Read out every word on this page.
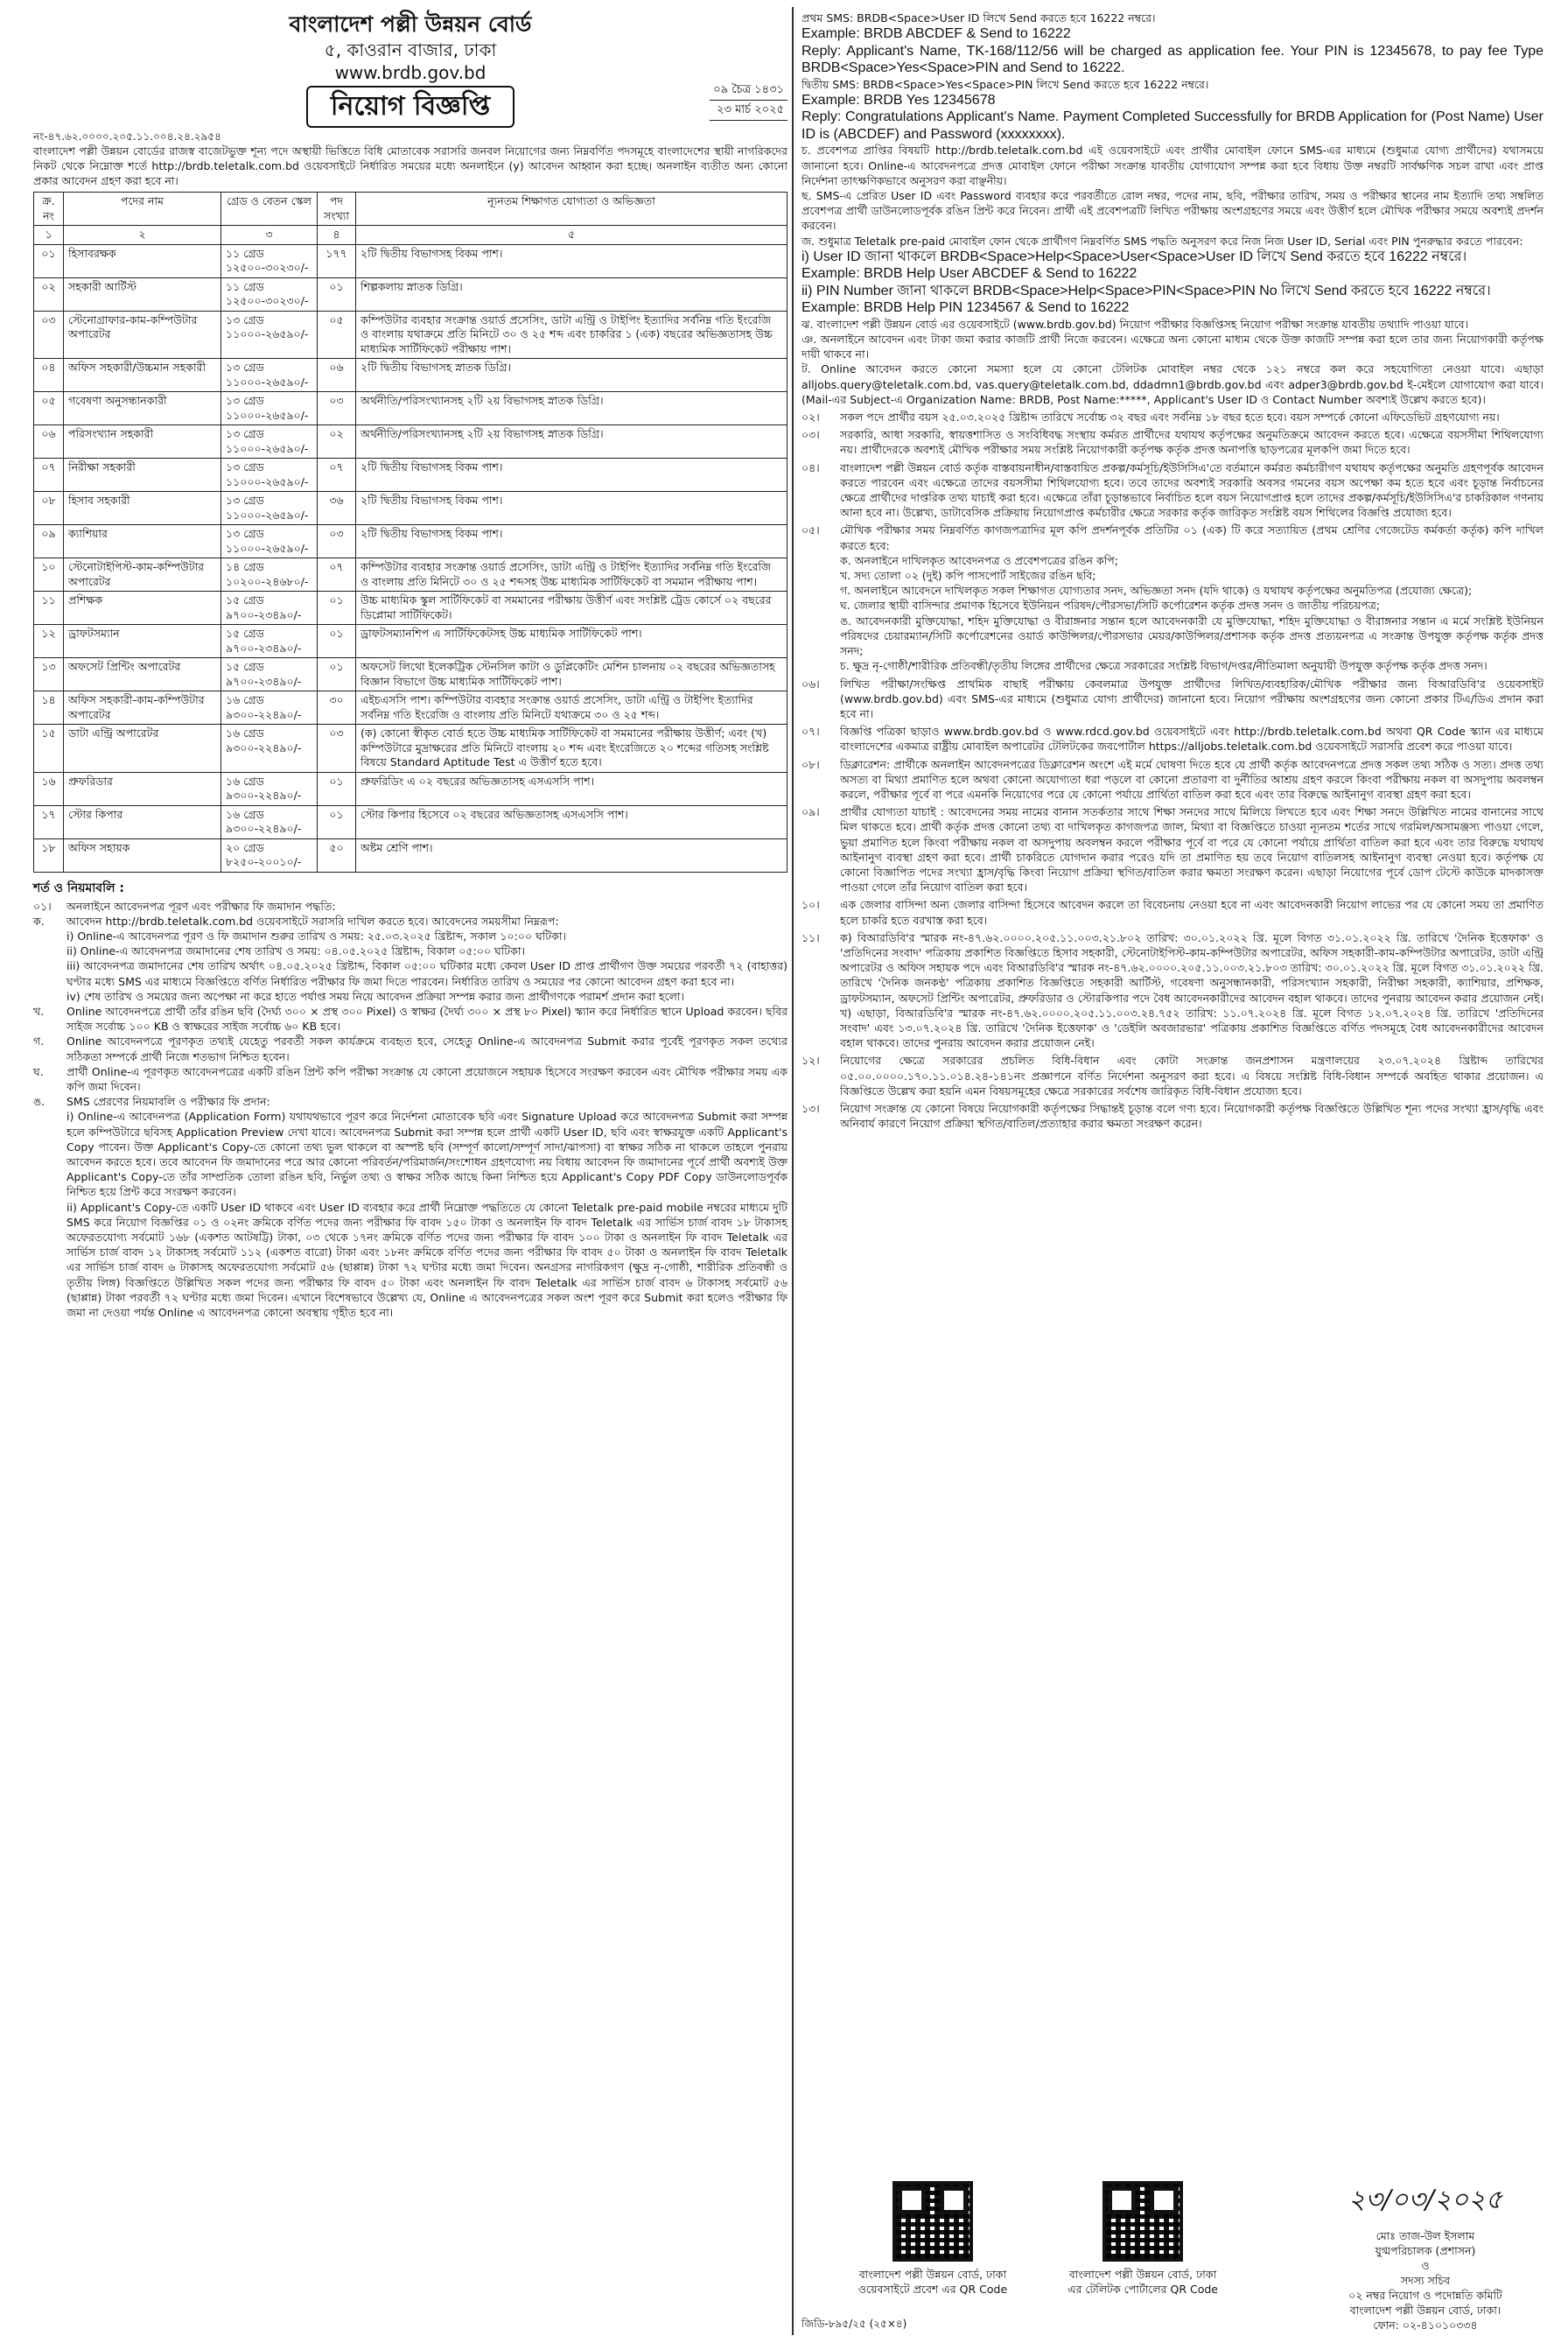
বাংলাদেশ পল্লী উন্নয়ন বোর্ড
৫, কাওরান বাজার, ঢাকা
www.brdb.gov.bd
নিয়োগ বিজ্ঞপ্তি
নং-৪৭.৬২.০০০০.২০৫.১১.০০৪.২৪.২৯৫৪
০৯ চৈত্র ১৪৩১
২৩ মার্চ ২০২৫
বাংলাদেশ পল্লী উন্নয়ন বোর্ডের রাজস্ব বাজেটভুক্ত শূন্য পদে অস্থায়ী ভিত্তিতে বিধি মোতাবেক সরাসরি জনবল নিয়োগের জন্য নিম্নবর্ণিত পদসমূহে বাংলাদেশের স্থায়ী নাগরিকদের নিকট থেকে নিম্নোক্ত শর্তে http://brdb.teletalk.com.bd ওয়েবসাইটে নির্ধারিত সময়ের মধ্যে অনলাইনে (y) আবেদন আহ্বান করা হচ্ছে। অনলাইন ব্যতীত অন্য কোনো প্রকার আবেদন গ্রহণ করা হবে না।
ক্র. নং	পদের নাম	গ্রেড ও বেতন স্কেল	পদ সংখ্যা	ন্যূনতম শিক্ষাগত যোগ্যতা ও অভিজ্ঞতা
১	২	৩	৪	৫
০১	হিসাবরক্ষক	১১ গ্রেড ১২৫০০-৩০২৩০/-	১৭৭	২টি দ্বিতীয় বিভাগসহ বিকম পাশ।
০২	সহকারী আর্টিস্ট	১১ গ্রেড ১২৫০০-৩০২৩০/-	০১	শিল্পকলায় স্নাতক ডিগ্রি।
০৩	স্টেনোগ্রাফার-কাম-কম্পিউটার অপারেটর	১৩ গ্রেড ১১০০০-২৬৫৯০/-	০৫	কম্পিউটার ব্যবহার সংক্রান্ত ওয়ার্ড প্রসেসিং, ডাটা এন্ট্রি ও টাইপিং ইত্যাদির সর্বনিম্ন গতি ইংরেজি ও বাংলায় যথাক্রমে প্রতি মিনিটে ৩০ ও ২৫ শব্দ এবং চাকরির ১ (এক) বছরের অভিজ্ঞতাসহ উচ্চ মাধ্যমিক সার্টিফিকেট পরীক্ষায় পাশ।
০৪	অফিস সহকারী/উচ্চমান সহকারী	১৩ গ্রেড ১১০০০-২৬৫৯০/-	০৬	২টি দ্বিতীয় বিভাগসহ স্নাতক ডিগ্রি।
০৫	গবেষণা অনুসন্ধানকারী	১৩ গ্রেড ১১০০০-২৬৫৯০/-	০৩	অর্থনীতি/পরিসংখ্যানসহ ২টি ২য় বিভাগসহ স্নাতক ডিগ্রি।
০৬	পরিসংখ্যান সহকারী	১৩ গ্রেড ১১০০০-২৬৫৯০/-	০২	অর্থনীতি/পরিসংখ্যানসহ ২টি ২য় বিভাগসহ স্নাতক ডিগ্রি।
০৭	নিরীক্ষা সহকারী	১৩ গ্রেড ১১০০০-২৬৫৯০/-	০৭	২টি দ্বিতীয় বিভাগসহ বিকম পাশ।
০৮	হিসাব সহকারী	১৩ গ্রেড ১১০০০-২৬৫৯০/-	৩৬	২টি দ্বিতীয় বিভাগসহ বিকম পাশ।
০৯	ক্যাশিয়ার	১৩ গ্রেড ১১০০০-২৬৫৯০/-	০৩	২টি দ্বিতীয় বিভাগসহ বিকম পাশ।
১০	স্টেনোটাইপিস্ট-কাম-কম্পিউটার অপারেটর	১৪ গ্রেড ১০২০০-২৪৬৮০/-	০৭	কম্পিউটার ব্যবহার সংক্রান্ত ওয়ার্ড প্রসেসিং, ডাটা এন্ট্রি ও টাইপিং ইত্যাদির সর্বনিম্ন গতি ইংরেজি ও বাংলায় প্রতি মিনিটে ৩০ ও ২৫ শব্দসহ উচ্চ মাধ্যমিক সার্টিফিকেট বা সমমান পরীক্ষায় পাশ।
১১	প্রশিক্ষক	১৫ গ্রেড ৯৭০০-২৩৪৯০/-	০১	উচ্চ মাধ্যমিক স্কুল সার্টিফিকেট বা সমমানের পরীক্ষায় উত্তীর্ণ এবং সংশ্লিষ্ট ট্রেড কোর্সে ০২ বছরের ডিপ্লোমা সার্টিফিকেট।
১২	ড্রাফটসম্যান	১৫ গ্রেড ৯৭০০-২৩৪৯০/-	০১	ড্রাফটসম্যানশিপ এ সার্টিফিকেটসহ উচ্চ মাধ্যমিক সার্টিফিকেট পাশ।
১৩	অফসেট প্রিন্টিং অপারেটর	১৫ গ্রেড ৯৭০০-২৩৪৯০/-	০১	অফসেট লিথো ইলেকট্রিক স্টেনসিল কাটা ও ডুপ্লিকেটিং মেশিন চালনায় ০২ বছরের অভিজ্ঞতাসহ বিজ্ঞান বিভাগে উচ্চ মাধ্যমিক সার্টিফিকেট পাশ।
১৪	অফিস সহকারী-কাম-কম্পিউটার অপারেটর	১৬ গ্রেড ৯৩০০-২২৪৯০/-	৩০	এইচএসসি পাশ। কম্পিউটার ব্যবহার সংক্রান্ত ওয়ার্ড প্রসেসিং, ডাটা এন্ট্রি ও টাইপিং ইত্যাদির সর্বনিম্ন গতি ইংরেজি ও বাংলায় প্রতি মিনিটে যথাক্রমে ৩০ ও ২৫ শব্দ।
১৫	ডাটা এন্ট্রি অপারেটর	১৬ গ্রেড ৯৩০০-২২৪৯০/-	০৩	(ক) কোনো স্বীকৃত বোর্ড হতে উচ্চ মাধ্যমিক সার্টিফিকেট বা সমমানের পরীক্ষায় উত্তীর্ণ; এবং (খ) কম্পিউটারে মুদ্রাক্ষরের প্রতি মিনিটে বাংলায় ২০ শব্দ এবং ইংরেজিতে ২০ শব্দের গতিসহ সংশ্লিষ্ট বিষয়ে Standard Aptitude Test এ উত্তীর্ণ হতে হবে।
১৬	প্রুফরিডার	১৬ গ্রেড ৯৩০০-২২৪৯০/-	০১	প্রুফরিডিং এ ০২ বছরের অভিজ্ঞতাসহ এসএসসি পাশ।
১৭	স্টোর কিপার	১৬ গ্রেড ৯৩০০-২২৪৯০/-	০১	স্টোর কিপার হিসেবে ০২ বছরের অভিজ্ঞতাসহ এসএসসি পাশ।
১৮	অফিস সহায়ক	২০ গ্রেড ৮২৫০-২০০১০/-	৫০	অষ্টম শ্রেণি পাশ।
শর্ত ও নিয়মাবলি :
০১।	অনলাইনে আবেদনপত্র পূরণ এবং পরীক্ষার ফি জমাদান পদ্ধতি:
ক.	আবেদন http://brdb.teletalk.com.bd ওয়েবসাইটে সরাসরি দাখিল করতে হবে। আবেদনের সময়সীমা নিম্নরূপ:
i) Online-এ আবেদনপত্র পূরণ ও ফি জমাদান শুরুর তারিখ ও সময়: ২৫.০৩.২০২৫ খ্রিষ্টাব্দ, সকাল ১০:০০ ঘটিকা।
ii) Online-এ আবেদনপত্র জমাদানের শেষ তারিখ ও সময়: ০৪.০৫.২০২৫ খ্রিষ্টাব্দ, বিকাল ০৫:০০ ঘটিকা।
iii) আবেদনপত্র জমাদানের শেষ তারিখ অর্থাৎ ০৪.০৫.২০২৫ খ্রিষ্টাব্দ, বিকাল ০৫:০০ ঘটিকার মধ্যে কেবল User ID প্রাপ্ত প্রার্থীগণ উক্ত সময়ের পরবর্তী ৭২ (বাহাত্তর) ঘণ্টার মধ্যে SMS এর মাধ্যমে বিজ্ঞপ্তিতে বর্ণিত নির্ধারিত পরীক্ষার ফি জমা দিতে পারবেন। নির্ধারিত তারিখ ও সময়ের পর কোনো আবেদন গ্রহণ করা হবে না।
iv) শেষ তারিখ ও সময়ের জন্য অপেক্ষা না করে হাতে পর্যাপ্ত সময় নিয়ে আবেদন প্রক্রিয়া সম্পন্ন করার জন্য প্রার্থীগণকে পরামর্শ প্রদান করা হলো।
খ.	Online আবেদনপত্রে প্রার্থী তাঁর রঙিন ছবি (দৈর্ঘ্য ৩০০ × প্রস্থ ৩০০ Pixel) ও স্বাক্ষর (দৈর্ঘ্য ৩০০ × প্রস্থ ৮০ Pixel) স্ক্যান করে নির্ধারিত স্থানে Upload করবেন। ছবির সাইজ সর্বোচ্চ ১০০ KB ও স্বাক্ষরের সাইজ সর্বোচ্চ ৬০ KB হবে।
গ.	Online আবেদনপত্রে পূরণকৃত তথ্যই যেহেতু পরবর্তী সকল কার্যক্রমে ব্যবহৃত হবে, সেহেতু Online-এ আবেদনপত্র Submit করার পূর্বেই পূরণকৃত সকল তথ্যের সঠিকতা সম্পর্কে প্রার্থী নিজে শতভাগ নিশ্চিত হবেন।
ঘ.	প্রার্থী Online-এ পূরণকৃত আবেদনপত্রের একটি রঙিন প্রিন্ট কপি পরীক্ষা সংক্রান্ত যে কোনো প্রয়োজনে সহায়ক হিসেবে সংরক্ষণ করবেন এবং মৌখিক পরীক্ষার সময় এক কপি জমা দিবেন।
ঙ.	SMS প্রেরণের নিয়মাবলি ও পরীক্ষার ফি প্রদান:
i) Online-এ আবেদনপত্র (Application Form) যথাযথভাবে পূরণ করে নির্দেশনা মোতাবেক ছবি এবং Signature Upload করে আবেদনপত্র Submit করা সম্পন্ন হলে কম্পিউটারে ছবিসহ Application Preview দেখা যাবে। আবেদনপত্র Submit করা সম্পন্ন হলে প্রার্থী একটি User ID, ছবি এবং স্বাক্ষরযুক্ত একটি Applicant's Copy পাবেন। উক্ত Applicant's Copy-তে কোনো তথ্য ভুল থাকলে বা অস্পষ্ট ছবি (সম্পূর্ণ কালো/সম্পূর্ণ সাদা/ঝাপসা) বা স্বাক্ষর সঠিক না থাকলে তাহলে পুনরায় আবেদন করতে হবে। তবে আবেদন ফি জমাদানের পরে আর কোনো পরিবর্তন/পরিমার্জন/সংশোধন গ্রহণযোগ্য নয় বিধায় আবেদন ফি জমাদানের পূর্বে প্রার্থী অবশ্যই উক্ত Applicant's Copy-তে তাঁর সাম্প্রতিক তোলা রঙিন ছবি, নির্ভুল তথ্য ও স্বাক্ষর সঠিক আছে কিনা নিশ্চিত হয়ে Applicant's Copy PDF Copy ডাউনলোডপূর্বক নিশ্চিত হয়ে প্রিন্ট করে সংরক্ষণ করবেন।
ii) Applicant's Copy-তে একটি User ID থাকবে এবং User ID ব্যবহার করে প্রার্থী নিম্নোক্ত পদ্ধতিতে যে কোনো Teletalk pre-paid mobile নম্বরের মাধ্যমে দুটি SMS করে নিয়োগ বিজ্ঞপ্তির ০১ ও ০২নং ক্রমিকে বর্ণিত পদের জন্য পরীক্ষার ফি বাবদ ১৫০ টাকা ও অনলাইন ফি বাবদ Teletalk এর সার্ভিস চার্জ বাবদ ১৮ টাকাসহ অফেরতযোগ্য সর্বমোট ১৬৮ (একশত আটষট্টি) টাকা, ০৩ থেকে ১৭নং ক্রমিকে বর্ণিত পদের জন্য পরীক্ষার ফি বাবদ ১০০ টাকা ও অনলাইন ফি বাবদ Teletalk এর সার্ভিস চার্জ বাবদ ১২ টাকাসহ সর্বমোট ১১২ (একশত বারো) টাকা এবং ১৮নং ক্রমিকে বর্ণিত পদের জন্য পরীক্ষার ফি বাবদ ৫০ টাকা ও অনলাইন ফি বাবদ Teletalk এর সার্ভিস চার্জ বাবদ ৬ টাকাসহ অফেরতযোগ্য সর্বমোট ৫৬ (ছাপ্পান্ন) টাকা ৭২ ঘণ্টার মধ্যে জমা দিবেন। অনগ্রসর নাগরিকগণ (ক্ষুদ্র নৃ-গোষ্ঠী, শারীরিক প্রতিবন্ধী ও তৃতীয় লিঙ্গ) বিজ্ঞপ্তিতে উল্লিখিত সকল পদের জন্য পরীক্ষার ফি বাবদ ৫০ টাকা এবং অনলাইন ফি বাবদ Teletalk এর সার্ভিস চার্জ বাবদ ৬ টাকাসহ সর্বমোট ৫৬ (ছাপ্পান্ন) টাকা পরবর্তী ৭২ ঘণ্টার মধ্যে জমা দিবেন। এখানে বিশেষভাবে উল্লেখ্য যে, Online এ আবেদনপত্রের সকল অংশ পূরণ করে Submit করা হলেও পরীক্ষার ফি জমা না দেওয়া পর্যন্ত Online এ আবেদনপত্র কোনো অবস্থায় গৃহীত হবে না।
প্রথম SMS: BRDB<Space>User ID লিখে Send করতে হবে 16222 নম্বরে।
Example: BRDB ABCDEF & Send to 16222
Reply: Applicant's Name, TK-168/112/56 will be charged as application fee. Your PIN is 12345678, to pay fee Type BRDB<Space>Yes<Space>PIN and Send to 16222.
দ্বিতীয় SMS: BRDB<Space>Yes<Space>PIN লিখে Send করতে হবে 16222 নম্বরে।
Example: BRDB Yes 12345678
Reply: Congratulations Applicant's Name. Payment Completed Successfully for BRDB Application for (Post Name) User ID is (ABCDEF) and Password (xxxxxxxx).
চ. প্রবেশপত্র প্রাপ্তির বিষয়টি http://brdb.teletalk.com.bd এই ওয়েবসাইটে এবং প্রার্থীর মোবাইল ফোনে SMS-এর মাধ্যমে (শুধুমাত্র যোগ্য প্রার্থীদের) যথাসময়ে জানানো হবে। Online-এ আবেদনপত্রে প্রদত্ত মোবাইল ফোনে পরীক্ষা সংক্রান্ত যাবতীয় যোগাযোগ সম্পন্ন করা হবে বিধায় উক্ত নম্বরটি সার্বক্ষণিক সচল রাখা এবং প্রাপ্ত নির্দেশনা তাৎক্ষণিকভাবে অনুসরণ করা বাঞ্ছনীয়।
ছ. SMS-এ প্রেরিত User ID এবং Password ব্যবহার করে পরবর্তীতে রোল নম্বর, পদের নাম, ছবি, পরীক্ষার তারিখ, সময় ও পরীক্ষার স্থানের নাম ইত্যাদি তথ্য সম্বলিত প্রবেশপত্র প্রার্থী ডাউনলোডপূর্বক রঙিন প্রিন্ট করে নিবেন। প্রার্থী এই প্রবেশপত্রটি লিখিত পরীক্ষায় অংশগ্রহণের সময়ে এবং উত্তীর্ণ হলে মৌখিক পরীক্ষার সময়ে অবশ্যই প্রদর্শন করবেন।
জ. শুধুমাত্র Teletalk pre-paid মোবাইল ফোন থেকে প্রার্থীগণ নিম্নবর্ণিত SMS পদ্ধতি অনুসরণ করে নিজ নিজ User ID, Serial এবং PIN পুনরুদ্ধার করতে পারবেন:
i) User ID জানা থাকলে BRDB<Space>Help<Space>User<Space>User ID লিখে Send করতে হবে 16222 নম্বরে।
Example: BRDB Help User ABCDEF & Send to 16222
ii) PIN Number জানা থাকলে BRDB<Space>Help<Space>PIN<Space>PIN No লিখে Send করতে হবে 16222 নম্বরে।
Example: BRDB Help PIN 1234567 & Send to 16222
ঝ. বাংলাদেশ পল্লী উন্নয়ন বোর্ড এর ওয়েবসাইটে (www.brdb.gov.bd) নিয়োগ পরীক্ষার বিজ্ঞপ্তিসহ নিয়োগ পরীক্ষা সংক্রান্ত যাবতীয় তথ্যাদি পাওয়া যাবে।
ঞ. অনলাইনে আবেদন এবং টাকা জমা করার কাজটি প্রার্থী নিজে করবেন। এক্ষেত্রে অন্য কোনো মাধ্যম থেকে উক্ত কাজটি সম্পন্ন করা হলে তার জন্য নিয়োগকারী কর্তৃপক্ষ দায়ী থাকবে না।
ট. Online আবেদন করতে কোনো সমস্যা হলে যে কোনো টেলিটক মোবাইল নম্বর থেকে ১২১ নম্বরে কল করে সহযোগিতা নেওয়া যাবে। এছাড়া alljobs.query@teletalk.com.bd, vas.query@teletalk.com.bd, ddadmn1@brdb.gov.bd এবং adper3@brdb.gov.bd ই-মেইলে যোগাযোগ করা যাবে। (Mail-এর Subject-এ Organization Name: BRDB, Post Name:*****, Applicant's User ID ও Contact Number অবশ্যই উল্লেখ করতে হবে)।
০২।	সকল পদে প্রার্থীর বয়স ২৫.০৩.২০২৫ খ্রিষ্টাব্দ তারিখে সর্বোচ্চ ৩২ বছর এবং সর্বনিম্ন ১৮ বছর হতে হবে। বয়স সম্পর্কে কোনো এফিডেভিট গ্রহণযোগ্য নয়।
০৩।	সরকারি, আধা সরকারি, স্বায়ত্তশাসিত ও সংবিধিবদ্ধ সংস্থায় কর্মরত প্রার্থীদের যথাযথ কর্তৃপক্ষের অনুমতিক্রমে আবেদন করতে হবে। এক্ষেত্রে বয়সসীমা শিথিলযোগ্য নয়। প্রার্থীদেরকে অবশ্যই মৌখিক পরীক্ষার সময় সংশ্লিষ্ট নিয়োগকারী কর্তৃপক্ষ কর্তৃক প্রদত্ত অনাপত্তি ছাড়পত্রের মূলকপি জমা দিতে হবে।
০৪।	বাংলাদেশ পল্লী উন্নয়ন বোর্ড কর্তৃক বাস্তবায়নাধীন/বাস্তবায়িত প্রকল্প/কর্মসূচি/ইউসিসিএ'তে বর্তমানে কর্মরত কর্মচারীগণ যথাযথ কর্তৃপক্ষের অনুমতি গ্রহণপূর্বক আবেদন করতে পারবেন এবং এক্ষেত্রে তাদের বয়সসীমা শিথিলযোগ্য হবে। তবে তাদের অবশ্যই সরকারি অবসর গমনের বয়স অপেক্ষা কম হতে হবে এবং চূড়ান্ত নির্বাচনের ক্ষেত্রে প্রার্থীদের দাপ্তরিক তথ্য যাচাই করা হবে। এক্ষেত্রে তাঁরা চূড়ান্তভাবে নির্বাচিত হলে বয়স নিয়োগপ্রাপ্ত হলে তাদের প্রকল্প/কর্মসূচি/ইউসিসিএ'র চাকরিকাল গণনায় আনা হবে না। উল্লেখ্য, ডাটাবেসিক প্রক্রিয়ায় নিয়োগপ্রাপ্ত কর্মচারীর ক্ষেত্রে সরকার কর্তৃক জারিকৃত সংশ্লিষ্ট বয়স শিথিলের বিজ্ঞপ্তি প্রযোজ্য হবে।
০৫।	মৌখিক পরীক্ষার সময় নিম্নবর্ণিত কাগজপত্রাদির মূল কপি প্রদর্শনপূর্বক প্রতিটির ০১ (এক) টি করে সত্যায়িত (প্রথম শ্রেণির গেজেটেড কর্মকর্তা কর্তৃক) কপি দাখিল করতে হবে:
ক. অনলাইনে দাখিলকৃত আবেদনপত্র ও প্রবেশপত্রের রঙিন কপি;
খ. সদ্য তোলা ০২ (দুই) কপি পাসপোর্ট সাইজের রঙিন ছবি;
গ. অনলাইনে আবেদনে দাখিলকৃত সকল শিক্ষাগত যোগ্যতার সনদ, অভিজ্ঞতা সনদ (যদি থাকে) ও যথাযথ কর্তৃপক্ষের অনুমতিপত্র (প্রযোজ্য ক্ষেত্রে);
ঘ. জেলার স্থায়ী বাসিন্দার প্রমাণক হিসেবে ইউনিয়ন পরিষদ/পৌরসভা/সিটি কর্পোরেশন কর্তৃক প্রদত্ত সনদ ও জাতীয় পরিচয়পত্র;
ঙ. আবেদনকারী মুক্তিযোদ্ধা, শহিদ মুক্তিযোদ্ধা ও বীরাঙ্গনার সন্তান হলে আবেদনকারী যে মুক্তিযোদ্ধা, শহিদ মুক্তিযোদ্ধা ও বীরাঙ্গনার সন্তান এ মর্মে সংশ্লিষ্ট ইউনিয়ন পরিষদের চেয়ারম্যান/সিটি কর্পোরেশনের ওয়ার্ড কাউন্সিলর/পৌরসভার মেয়র/কাউন্সিলর/প্রশাসক কর্তৃক প্রদত্ত প্রত্যয়নপত্র এ সংক্রান্ত উপযুক্ত কর্তৃপক্ষ কর্তৃক প্রদত্ত সনদ;
চ. ক্ষুদ্র নৃ-গোষ্ঠী/শারীরিক প্রতিবন্ধী/তৃতীয় লিঙ্গের প্রার্থীদের ক্ষেত্রে সরকারের সংশ্লিষ্ট বিভাগ/দপ্তর/নীতিমালা অনুযায়ী উপযুক্ত কর্তৃপক্ষ কর্তৃক প্রদত্ত সনদ।
০৬।	লিখিত পরীক্ষা/সংক্ষিপ্ত প্রাথমিক বাছাই পরীক্ষায় কেবলমাত্র উপযুক্ত প্রার্থীদের লিখিত/ব্যবহারিক/মৌখিক পরীক্ষার জন্য বিআরডিবি'র ওয়েবসাইট (www.brdb.gov.bd) এবং SMS-এর মাধ্যমে (শুধুমাত্র যোগ্য প্রার্থীদের) জানানো হবে। নিয়োগ পরীক্ষায় অংশগ্রহণের জন্য কোনো প্রকার টিএ/ডিএ প্রদান করা হবে না।
০৭।	বিজ্ঞপ্তি পত্রিকা ছাড়াও www.brdb.gov.bd ও www.rdcd.gov.bd ওয়েবসাইটে এবং http://brdb.teletalk.com.bd অথবা QR Code স্ক্যান এর মাধ্যমে বাংলাদেশের একমাত্র রাষ্ট্রীয় মোবাইল অপারেটর টেলিটকের জবপোর্টাল https://alljobs.teletalk.com.bd ওয়েবসাইটে সরাসরি প্রবেশ করে পাওয়া যাবে।
০৮।	ডিক্লারেশন: প্রার্থীকে অনলাইন আবেদনপত্রের ডিক্লারেশন অংশে এই মর্মে ঘোষণা দিতে হবে যে প্রার্থী কর্তৃক আবেদনপত্রে প্রদত্ত সকল তথ্য সঠিক ও সত্য। প্রদত্ত তথ্য অসত্য বা মিথ্যা প্রমাণিত হলে অথবা কোনো অযোগ্যতা ধরা পড়লে বা কোনো প্রতারণা বা দুর্নীতির আশ্রয় গ্রহণ করলে কিংবা পরীক্ষায় নকল বা অসদুপায় অবলম্বন করলে, পরীক্ষার পূর্বে বা পরে এমনকি নিয়োগের পরে যে কোনো পর্যায়ে প্রার্থিতা বাতিল করা হবে এবং তার বিরুদ্ধে আইনানুগ ব্যবস্থা গ্রহণ করা হবে।
০৯।	প্রার্থীর যোগ্যতা যাচাই : আবেদনের সময় নামের বানান সতর্কতার সাথে শিক্ষা সনদের সাথে মিলিয়ে লিখতে হবে এবং শিক্ষা সনদে উল্লিখিত নামের বানানের সাথে মিল থাকতে হবে। প্রার্থী কর্তৃক প্রদত্ত কোনো তথ্য বা দাখিলকৃত কাগজপত্র জাল, মিথ্যা বা বিজ্ঞপ্তিতে চাওয়া ন্যূনতম শর্তের সাথে গরমিল/অসামঞ্জস্য পাওয়া গেলে, ভুয়া প্রমাণিত হলে কিংবা পরীক্ষায় নকল বা অসদুপায় অবলম্বন করলে পরীক্ষার পূর্বে বা পরে যে কোনো পর্যায়ে প্রার্থিতা বাতিল করা হবে এবং তার বিরুদ্ধে যথাযথ আইনানুগ ব্যবস্থা গ্রহণ করা হবে। প্রার্থী চাকরিতে যোগদান করার পরেও যদি তা প্রমাণিত হয় তবে নিয়োগ বাতিলসহ আইনানুগ ব্যবস্থা নেওয়া হবে। কর্তৃপক্ষ যে কোনো বিজ্ঞাপিত পদের সংখ্যা হ্রাস/বৃদ্ধি কিংবা নিয়োগ প্রক্রিয়া স্থগিত/বাতিল করার ক্ষমতা সংরক্ষণ করেন। এছাড়া নিয়োগের পূর্বে ডোপ টেস্টে কাউকে মাদকাসক্ত পাওয়া গেলে তাঁর নিয়োগ বাতিল করা হবে।
১০।	এক জেলার বাসিন্দা অন্য জেলার বাসিন্দা হিসেবে আবেদন করলে তা বিবেচনায় নেওয়া হবে না এবং আবেদনকারী নিয়োগ লাভের পর যে কোনো সময় তা প্রমাণিত হলে চাকরি হতে বরখাস্ত করা হবে।
১১।	ক) বিআরডিবি'র স্মারক নং-৪৭.৬২.০০০০.২০৫.১১.০০৩.২১.৮০২ তারিখ: ৩০.০১.২০২২ খ্রি. মূলে বিগত ৩১.০১.২০২২ খ্রি. তারিখে 'দৈনিক ইত্তেফাক' ও 'প্রতিদিনের সংবাদ' পত্রিকায় প্রকাশিত বিজ্ঞপ্তিতে হিসাব সহকারী, স্টেনোটাইপিস্ট-কাম-কম্পিউটার অপারেটর, অফিস সহকারী-কাম-কম্পিউটার অপারেটর, ডাটা এন্ট্রি অপারেটর ও অফিস সহায়ক পদে এবং বিআরডিবি'র স্মারক নং-৪৭.৬২.০০০০.২০৫.১১.০০৩.২১.৮০৩ তারিখ: ৩০.০১.২০২২ খ্রি. মূলে বিগত ৩১.০১.২০২২ খ্রি. তারিখে 'দৈনিক জনকণ্ঠ' পত্রিকায় প্রকাশিত বিজ্ঞপ্তিতে সহকারী আর্টিস্ট, গবেষণা অনুসন্ধানকারী, পরিসংখ্যান সহকারী, নিরীক্ষা সহকারী, ক্যাশিয়ার, প্রশিক্ষক, ড্রাফটসম্যান, অফসেট প্রিন্টিং অপারেটর, প্রুফরিডার ও স্টোরকিপার পদে বৈধ আবেদনকারীদের আবেদন বহাল থাকবে। তাদের পুনরায় আবেদন করার প্রয়োজন নেই। খ) এছাড়া, বিআরডিবি'র স্মারক নং-৪৭.৬২.০০০০.২০৫.১১.০০৩.২৪.৭৫২ তারিখ: ১১.০৭.২০২৪ খ্রি. মূলে বিগত ১২.০৭.২০২৪ খ্রি. তারিখে 'প্রতিদিনের সংবাদ' এবং ১৩.০৭.২০২৪ খ্রি. তারিখে 'দৈনিক ইত্তেফাক' ও 'ডেইলি অবজারভার' পত্রিকায় প্রকাশিত বিজ্ঞপ্তিতে বর্ণিত পদসমূহে বৈধ আবেদনকারীদের আবেদন বহাল থাকবে। তাদের পুনরায় আবেদন করার প্রয়োজন নেই।
১২।	নিয়োগের ক্ষেত্রে সরকারের প্রচলিত বিধি-বিধান এবং কোটা সংক্রান্ত জনপ্রশাসন মন্ত্রণালয়ের ২৩.০৭.২০২৪ খ্রিষ্টাব্দ তারিখের ০৫.০০.০০০০.১৭০.১১.০১৪.২৪-১৪১নং প্রজ্ঞাপনে বর্ণিত নির্দেশনা অনুসরণ করা হবে। এ বিষয়ে সংশ্লিষ্ট বিধি-বিধান সম্পর্কে অবহিত থাকার প্রয়োজন। এ বিজ্ঞপ্তিতে উল্লেখ করা হয়নি এমন বিষয়সমূহের ক্ষেত্রে সরকারের সর্বশেষ জারিকৃত বিধি-বিধান প্রযোজ্য হবে।
১৩।	নিয়োগ সংক্রান্ত যে কোনো বিষয়ে নিয়োগকারী কর্তৃপক্ষের সিদ্ধান্তই চূড়ান্ত বলে গণ্য হবে। নিয়োগকারী কর্তৃপক্ষ বিজ্ঞপ্তিতে উল্লিখিত শূন্য পদের সংখ্যা হ্রাস/বৃদ্ধি এবং অনিবার্য কারণে নিয়োগ প্রক্রিয়া স্থগিত/বাতিল/প্রত্যাহার করার ক্ষমতা সংরক্ষণ করেন।
বাংলাদেশ পল্লী উন্নয়ন বোর্ড, ঢাকা ওয়েবসাইটে প্রবেশ এর QR Code
বাংলাদেশ পল্লী উন্নয়ন বোর্ড, ঢাকা এর টেলিটক পোর্টালের QR Code
২৩/০৩/২০২৫
মোঃ তাজ-উল ইসলাম
যুগ্মপরিচালক (প্রশাসন)
ও
সদস্য সচিব
০২ নম্বর নিয়োগ ও পদোন্নতি কমিটি
বাংলাদেশ পল্লী উন্নয়ন বোর্ড, ঢাকা।
ফোন: ০২-৪১০১০৩৩৪
জিডি-৮৯৫/২৫ (২৫×৪)
